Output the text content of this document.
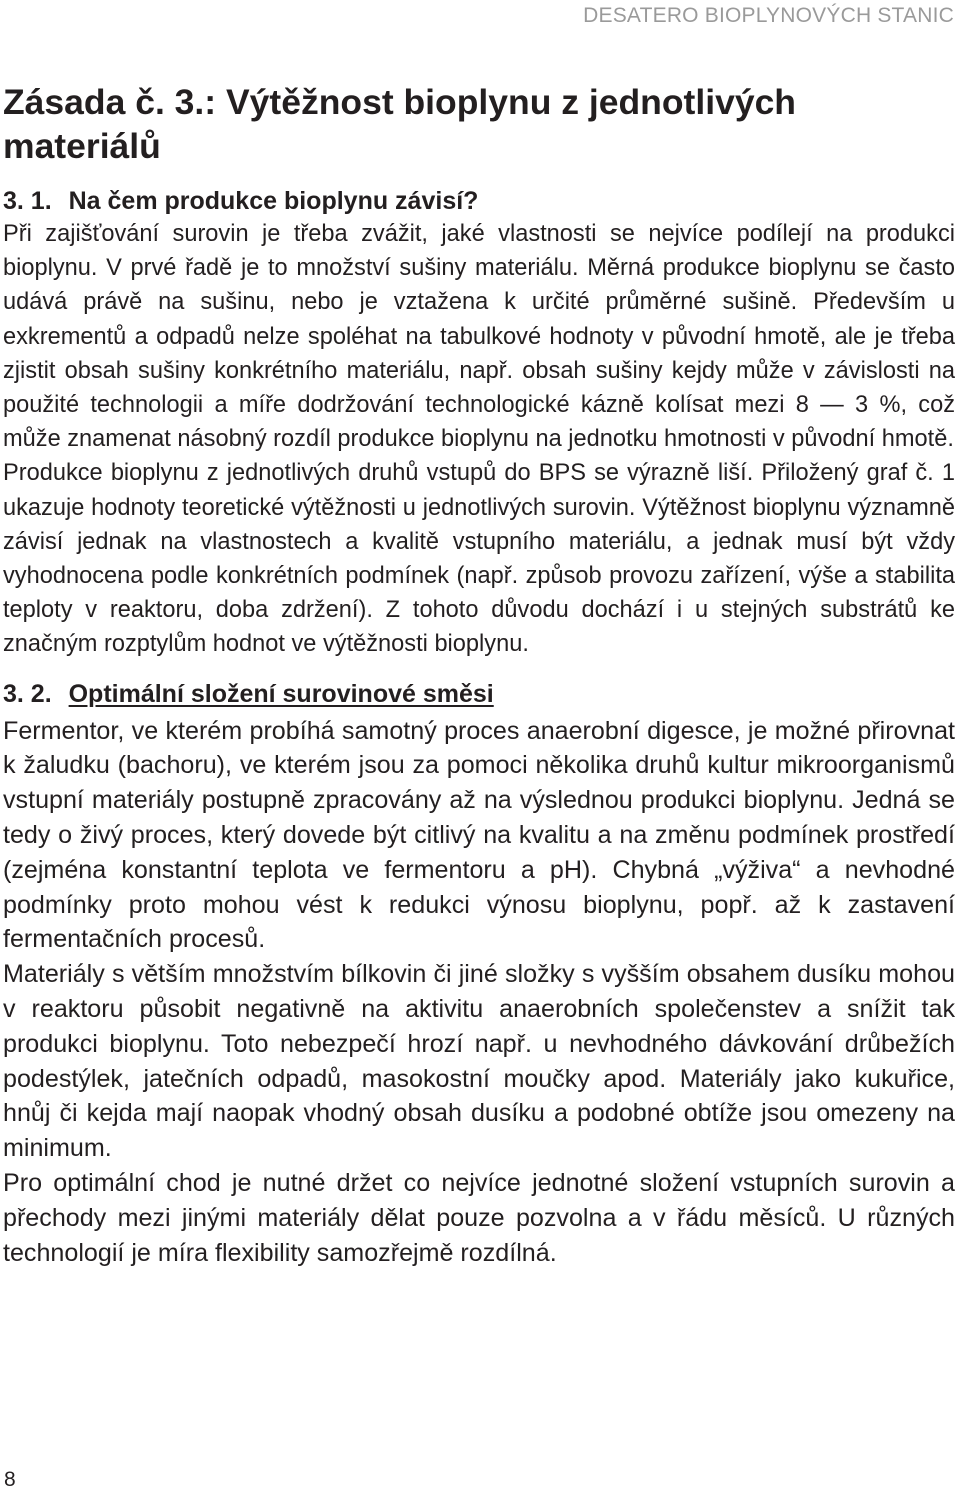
DESATERO BIOPLYNOVÝCH STANIC
Zásada č. 3.: Výtěžnost bioplynu z jednotlivých materiálů
3. 1. Na čem produkce bioplynu závisí?

Při zajišťování surovin je třeba zvážit, jaké vlastnosti se nejvíce podílejí na produkci bioplynu. V prvé řadě je to množství sušiny materiálu. Měrná produkce bioplynu se často udává právě na sušinu, nebo je vztažena k určité průměrné sušině. Především u exkrementů a odpadů nelze spoléhat na tabulkové hodnoty v původní hmotě, ale je třeba zjistit obsah sušiny konkrétního materiálu, např. obsah sušiny kejdy může v závislosti na použité technologii a míře dodržování technologické kázně kolísat mezi 8 — 3 %, což může znamenat násobný rozdíl produkce bioplynu na jednotku hmotnosti v původní hmotě.

Produkce bioplynu z jednotlivých druhů vstupů do BPS se výrazně liší. Přiložený graf č. 1 ukazuje hodnoty teoretické výtěžnosti u jednotlivých surovin. Výtěžnost bioplynu významně závisí jednak na vlastnostech a kvalitě vstupního materiálu, a jednak musí být vždy vyhodnocena podle konkrétních podmínek (např. způsob provozu zařízení, výše a stabilita teploty v reaktoru, doba zdržení). Z tohoto důvodu dochází i u stejných substrátů ke značným rozptylům hodnot ve výtěžnosti bioplynu.

3. 2. Optimální složení surovinové směsi

Fermentor, ve kterém probíhá samotný proces anaerobní digesce, je možné přirovnat k žaludku (bachoru), ve kterém jsou za pomoci několika druhů kultur mikroorganismů vstupní materiály postupně zpracovány až na výslednou produkci bioplynu. Jedná se tedy o živý proces, který dovede být citlivý na kvalitu a na změnu podmínek prostředí (zejména konstantní teplota ve fermentoru a pH). Chybná „výživa“ a nevhodné podmínky proto mohou vést k redukci výnosu bioplynu, popř. až k zastavení fermentačních procesů.

Materiály s větším množstvím bílkovin či jiné složky s vyšším obsahem dusíku mohou v reaktoru působit negativně na aktivitu anaerobních společenstev a snížit tak produkci bioplynu. Toto nebezpečí hrozí např. u nevhodného dávkování drůbežích podestýlek, jatečních odpadů, masokostní moučky apod. Materiály jako kukuřice, hnůj či kejda mají naopak vhodný obsah dusíku a podobné obtíže jsou omezeny na minimum.

Pro optimální chod je nutné držet co nejvíce jednotné složení vstupních surovin a přechody mezi jinými materiály dělat pouze pozvolna a v řádu měsíců. U různých technologií je míra flexibility samozřejmě rozdílná.

8
